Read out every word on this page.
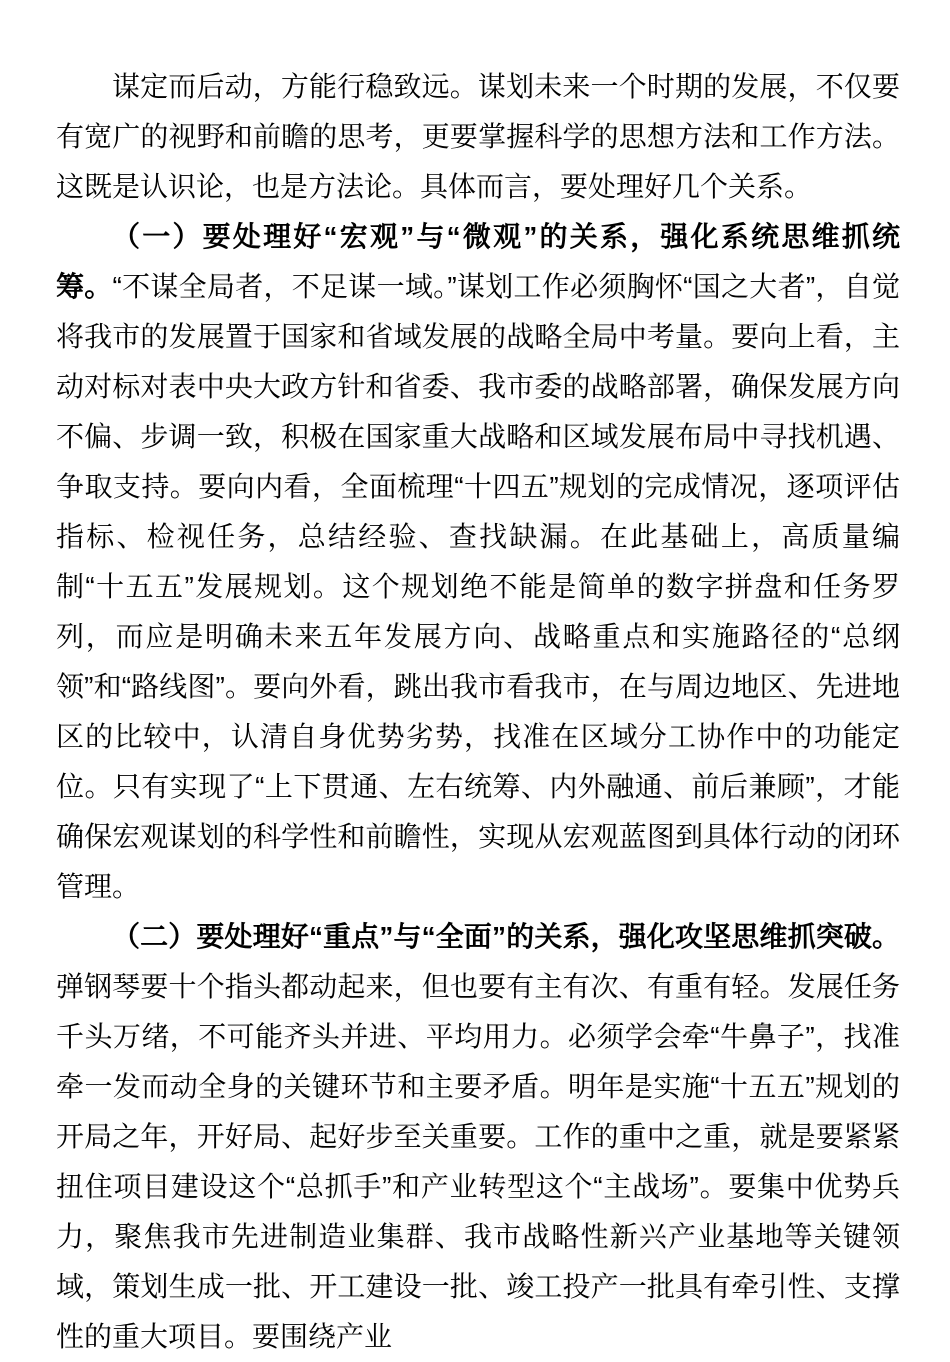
谋定而后动，方能行稳致远。谋划未来一个时期的发展，不仅要有宽广的视野和前瞻的思考，更要掌握科学的思想方法和工作方法。这既是认识论，也是方法论。具体而言，要处理好几个关系。

（一）要处理好“宏观”与“微观”的关系，强化系统思维抓统筹。“不谋全局者，不足谋一域。”谋划工作必须胸怀“国之大者”，自觉将我市的发展置于国家和省域发展的战略全局中考量。要向上看，主动对标对表中央大政方针和省委、我市委的战略部署，确保发展方向不偏、步调一致，积极在国家重大战略和区域发展布局中寻找机遇、争取支持。要向内看，全面梳理“十四五”规划的完成情况，逐项评估指标、检视任务，总结经验、查找缺漏。在此基础上，高质量编制“十五五”发展规划。这个规划绝不能是简单的数字拼盘和任务罗列，而应是明确未来五年发展方向、战略重点和实施路径的“总纲领”和“路线图”。要向外看，跳出我市看我市，在与周边地区、先进地区的比较中，认清自身优势劣势，找准在区域分工协作中的功能定位。只有实现了“上下贯通、左右统筹、内外融通、前后兼顾”，才能确保宏观谋划的科学性和前瞻性，实现从宏观蓝图到具体行动的闭环管理。

（二）要处理好“重点”与“全面”的关系，强化攻坚思维抓突破。弹钢琴要十个指头都动起来，但也要有主有次、有重有轻。发展任务千头万绪，不可能齐头并进、平均用力。必须学会牵“牛鼻子”，找准牵一发而动全身的关键环节和主要矛盾。明年是实施“十五五”规划的开局之年，开好局、起好步至关重要。工作的重中之重，就是要紧紧扭住项目建设这个“总抓手”和产业转型这个“主战场”。要集中优势兵力，聚焦我市先进制造业集群、我市战略性新兴产业基地等关键领域，策划生成一批、开工建设一批、竣工投产一批具有牵引性、支撑性的重大项目。要围绕产业
